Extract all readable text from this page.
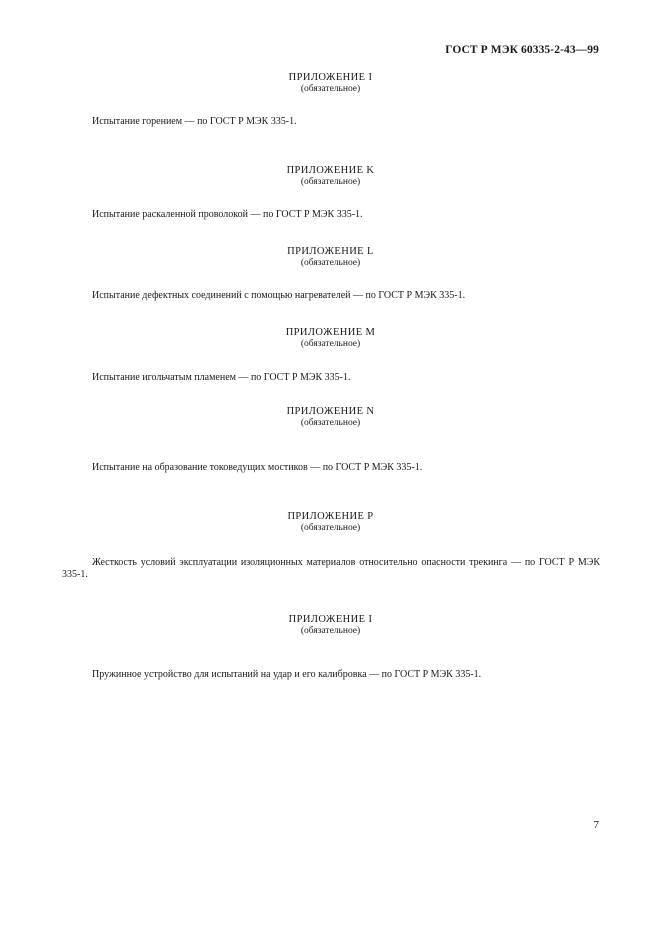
ГОСТ Р МЭК 60335-2-43—99
ПРИЛОЖЕНИЕ I
(обязательное)
Испытание горением — по ГОСТ Р МЭК 335-1.
ПРИЛОЖЕНИЕ K
(обязательное)
Испытание раскаленной проволокой — по ГОСТ Р МЭК 335-1.
ПРИЛОЖЕНИЕ L
(обязательное)
Испытание дефектных соединений с помощью нагревателей — по ГОСТ Р МЭК 335-1.
ПРИЛОЖЕНИЕ M
(обязательное)
Испытание игольчатым пламенем — по ГОСТ Р МЭК 335-1.
ПРИЛОЖЕНИЕ N
(обязательное)
Испытание на образование токоведущих мостиков — по ГОСТ Р МЭК 335-1.
ПРИЛОЖЕНИЕ P
(обязательное)
Жесткость условий эксплуатации изоляционных материалов относительно опасности трекинга — по ГОСТ Р МЭК 335-1.
ПРИЛОЖЕНИЕ I
(обязательное)
Пружинное устройство для испытаний на удар и его калибровка — по ГОСТ Р МЭК 335-1.
7
